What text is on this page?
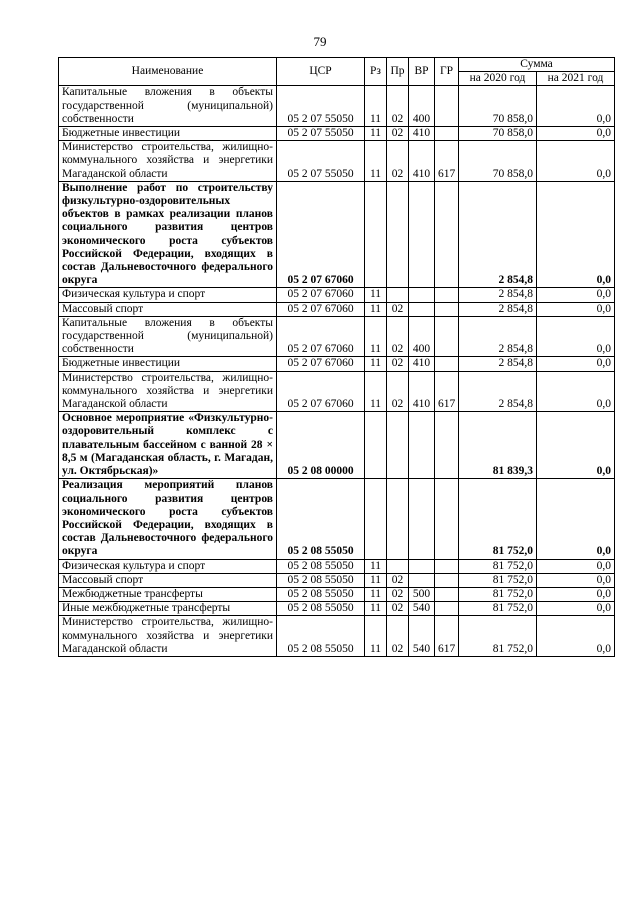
79
Наименование	ЦСР	Рз	Пр	ВР	ГР	Сумма	
						на 2020 год	на 2021 год
Капитальные вложения в объекты государственной (муниципальной) собственности	05 2 07 55050	11	02	400		70 858,0	0,0
Бюджетные инвестиции	05 2 07 55050	11	02	410		70 858,0	0,0
Министерство строительства, жилищно-коммунального хозяйства и энергетики Магаданской области	05 2 07 55050	11	02	410	617	70 858,0	0,0
Выполнение работ по строительству физкультурно-оздоровительных объектов в рамках реализации планов социального развития центров экономического роста субъектов Российской Федерации, входящих в состав Дальневосточного федерального округа	05 2 07 67060					2 854,8	0,0
Физическая культура и спорт	05 2 07 67060	11				2 854,8	0,0
Массовый спорт	05 2 07 67060	11	02			2 854,8	0,0
Капитальные вложения в объекты государственной (муниципальной) собственности	05 2 07 67060	11	02	400		2 854,8	0,0
Бюджетные инвестиции	05 2 07 67060	11	02	410		2 854,8	0,0
Министерство строительства, жилищно-коммунального хозяйства и энергетики Магаданской области	05 2 07 67060	11	02	410	617	2 854,8	0,0
Основное мероприятие «Физкультурно-оздоровительный комплекс с плавательным бассейном с ванной 28 × 8,5 м (Магаданская область, г. Магадан, ул. Октябрьская)»	05 2 08 00000					81 839,3	0,0
Реализация мероприятий планов социального развития центров экономического роста субъектов Российской Федерации, входящих в состав Дальневосточного федерального округа	05 2 08 55050					81 752,0	0,0
Физическая культура и спорт	05 2 08 55050	11				81 752,0	0,0
Массовый спорт	05 2 08 55050	11	02			81 752,0	0,0
Межбюджетные трансферты	05 2 08 55050	11	02	500		81 752,0	0,0
Иные межбюджетные трансферты	05 2 08 55050	11	02	540		81 752,0	0,0
Министерство строительства, жилищно-коммунального хозяйства и энергетики Магаданской области	05 2 08 55050	11	02	540	617	81 752,0	0,0
